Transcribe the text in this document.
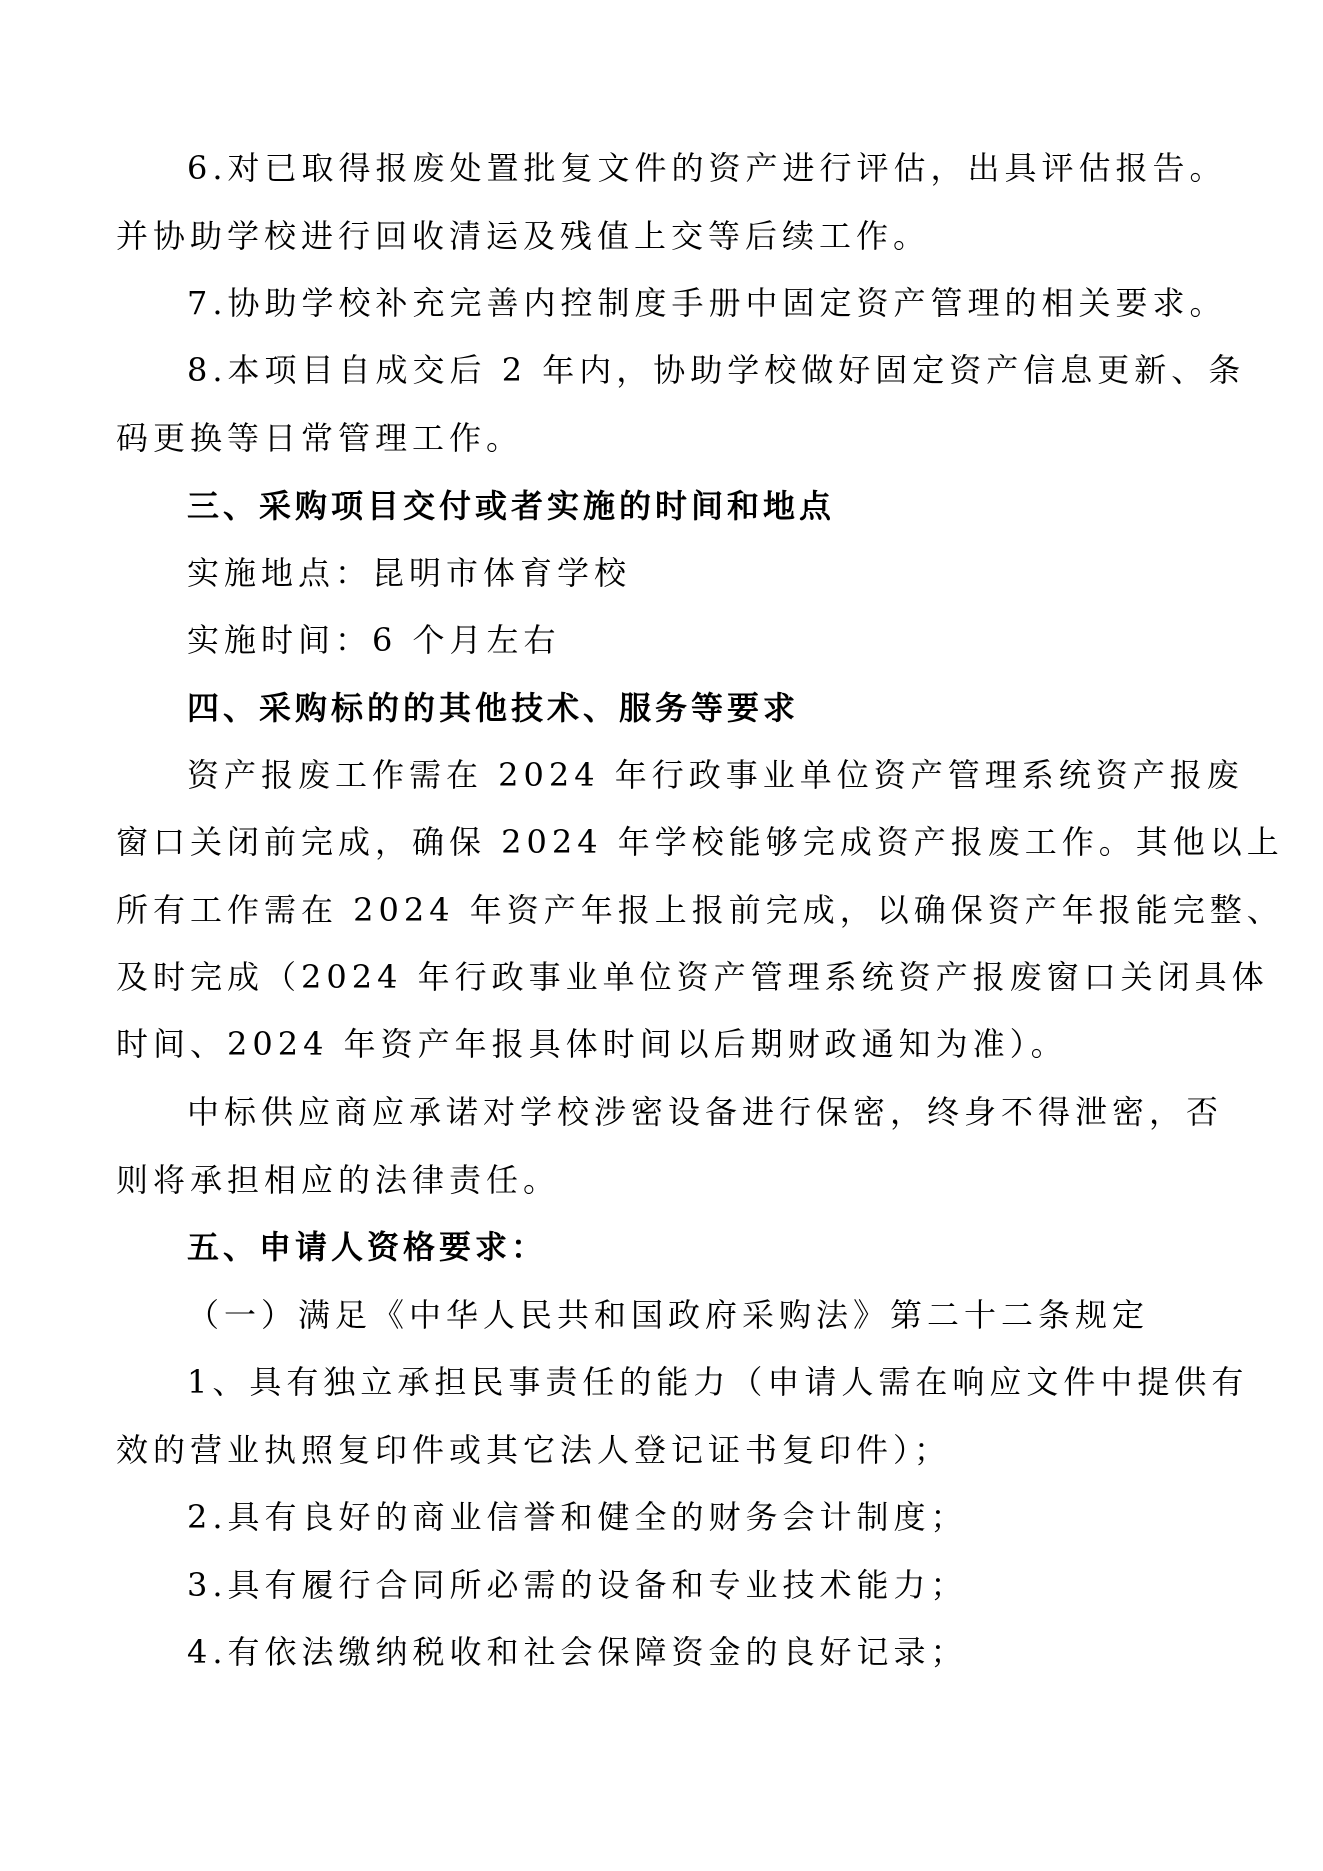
6.对已取得报废处置批复文件的资产进行评估，出具评估报告。
并协助学校进行回收清运及残值上交等后续工作。
7.协助学校补充完善内控制度手册中固定资产管理的相关要求。
8.本项目自成交后 2 年内，协助学校做好固定资产信息更新、条
码更换等日常管理工作。
三、采购项目交付或者实施的时间和地点
实施地点：昆明市体育学校
实施时间：6 个月左右
四、采购标的的其他技术、服务等要求
资产报废工作需在 2024 年行政事业单位资产管理系统资产报废
窗口关闭前完成，确保 2024 年学校能够完成资产报废工作。其他以上
所有工作需在 2024 年资产年报上报前完成，以确保资产年报能完整、
及时完成（2024 年行政事业单位资产管理系统资产报废窗口关闭具体
时间、2024 年资产年报具体时间以后期财政通知为准）。
中标供应商应承诺对学校涉密设备进行保密，终身不得泄密，否
则将承担相应的法律责任。
五、申请人资格要求：
（一）满足《中华人民共和国政府采购法》第二十二条规定
1、具有独立承担民事责任的能力（申请人需在响应文件中提供有
效的营业执照复印件或其它法人登记证书复印件）；
2.具有良好的商业信誉和健全的财务会计制度；
3.具有履行合同所必需的设备和专业技术能力；
4.有依法缴纳税收和社会保障资金的良好记录；
